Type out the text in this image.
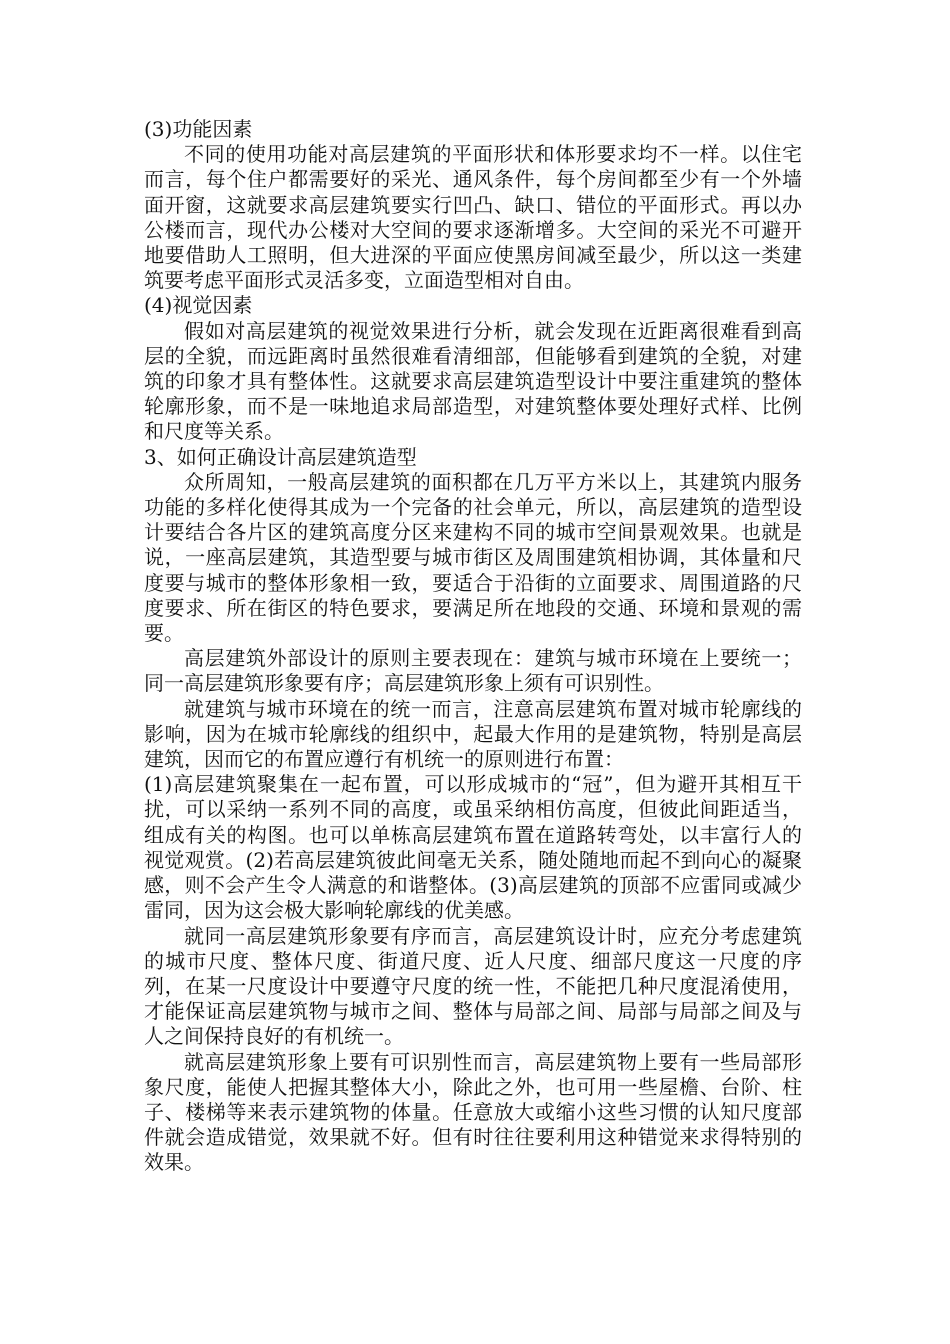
(3)功能因素

不同的使用功能对高层建筑的平面形状和体形要求均不一样。以住宅而言，每个住户都需要好的采光、通风条件，每个房间都至少有一个外墙面开窗，这就要求高层建筑要实行凹凸、缺口、错位的平面形式。再以办公楼而言，现代办公楼对大空间的要求逐渐增多。大空间的采光不可避开地要借助人工照明，但大进深的平面应使黑房间减至最少，所以这一类建筑要考虑平面形式灵活多变，立面造型相对自由。

(4)视觉因素

假如对高层建筑的视觉效果进行分析，就会发现在近距离很难看到高层的全貌，而远距离时虽然很难看清细部，但能够看到建筑的全貌，对建筑的印象才具有整体性。这就要求高层建筑造型设计中要注重建筑的整体轮廓形象，而不是一味地追求局部造型，对建筑整体要处理好式样、比例和尺度等关系。

3、如何正确设计高层建筑造型

众所周知，一般高层建筑的面积都在几万平方米以上，其建筑内服务功能的多样化使得其成为一个完备的社会单元，所以，高层建筑的造型设计要结合各片区的建筑高度分区来建构不同的城市空间景观效果。也就是说，一座高层建筑，其造型要与城市街区及周围建筑相协调，其体量和尺度要与城市的整体形象相一致，要适合于沿街的立面要求、周围道路的尺度要求、所在街区的特色要求，要满足所在地段的交通、环境和景观的需要。

高层建筑外部设计的原则主要表现在：建筑与城市环境在上要统一；同一高层建筑形象要有序；高层建筑形象上须有可识别性。

就建筑与城市环境在的统一而言，注意高层建筑布置对城市轮廓线的影响，因为在城市轮廓线的组织中，起最大作用的是建筑物，特别是高层建筑，因而它的布置应遵行有机统一的原则进行布置：

(1)高层建筑聚集在一起布置，可以形成城市的“冠”，但为避开其相互干扰，可以采纳一系列不同的高度，或虽采纳相仿高度，但彼此间距适当，组成有关的构图。也可以单栋高层建筑布置在道路转弯处，以丰富行人的视觉观赏。(2)若高层建筑彼此间毫无关系，随处随地而起不到向心的凝聚感，则不会产生令人满意的和谐整体。(3)高层建筑的顶部不应雷同或减少雷同，因为这会极大影响轮廓线的优美感。

就同一高层建筑形象要有序而言，高层建筑设计时，应充分考虑建筑的城市尺度、整体尺度、街道尺度、近人尺度、细部尺度这一尺度的序列，在某一尺度设计中要遵守尺度的统一性，不能把几种尺度混淆使用，才能保证高层建筑物与城市之间、整体与局部之间、局部与局部之间及与人之间保持良好的有机统一。

就高层建筑形象上要有可识别性而言，高层建筑物上要有一些局部形象尺度，能使人把握其整体大小，除此之外，也可用一些屋檐、台阶、柱子、楼梯等来表示建筑物的体量。任意放大或缩小这些习惯的认知尺度部件就会造成错觉，效果就不好。但有时往往要利用这种错觉来求得特别的效果。
